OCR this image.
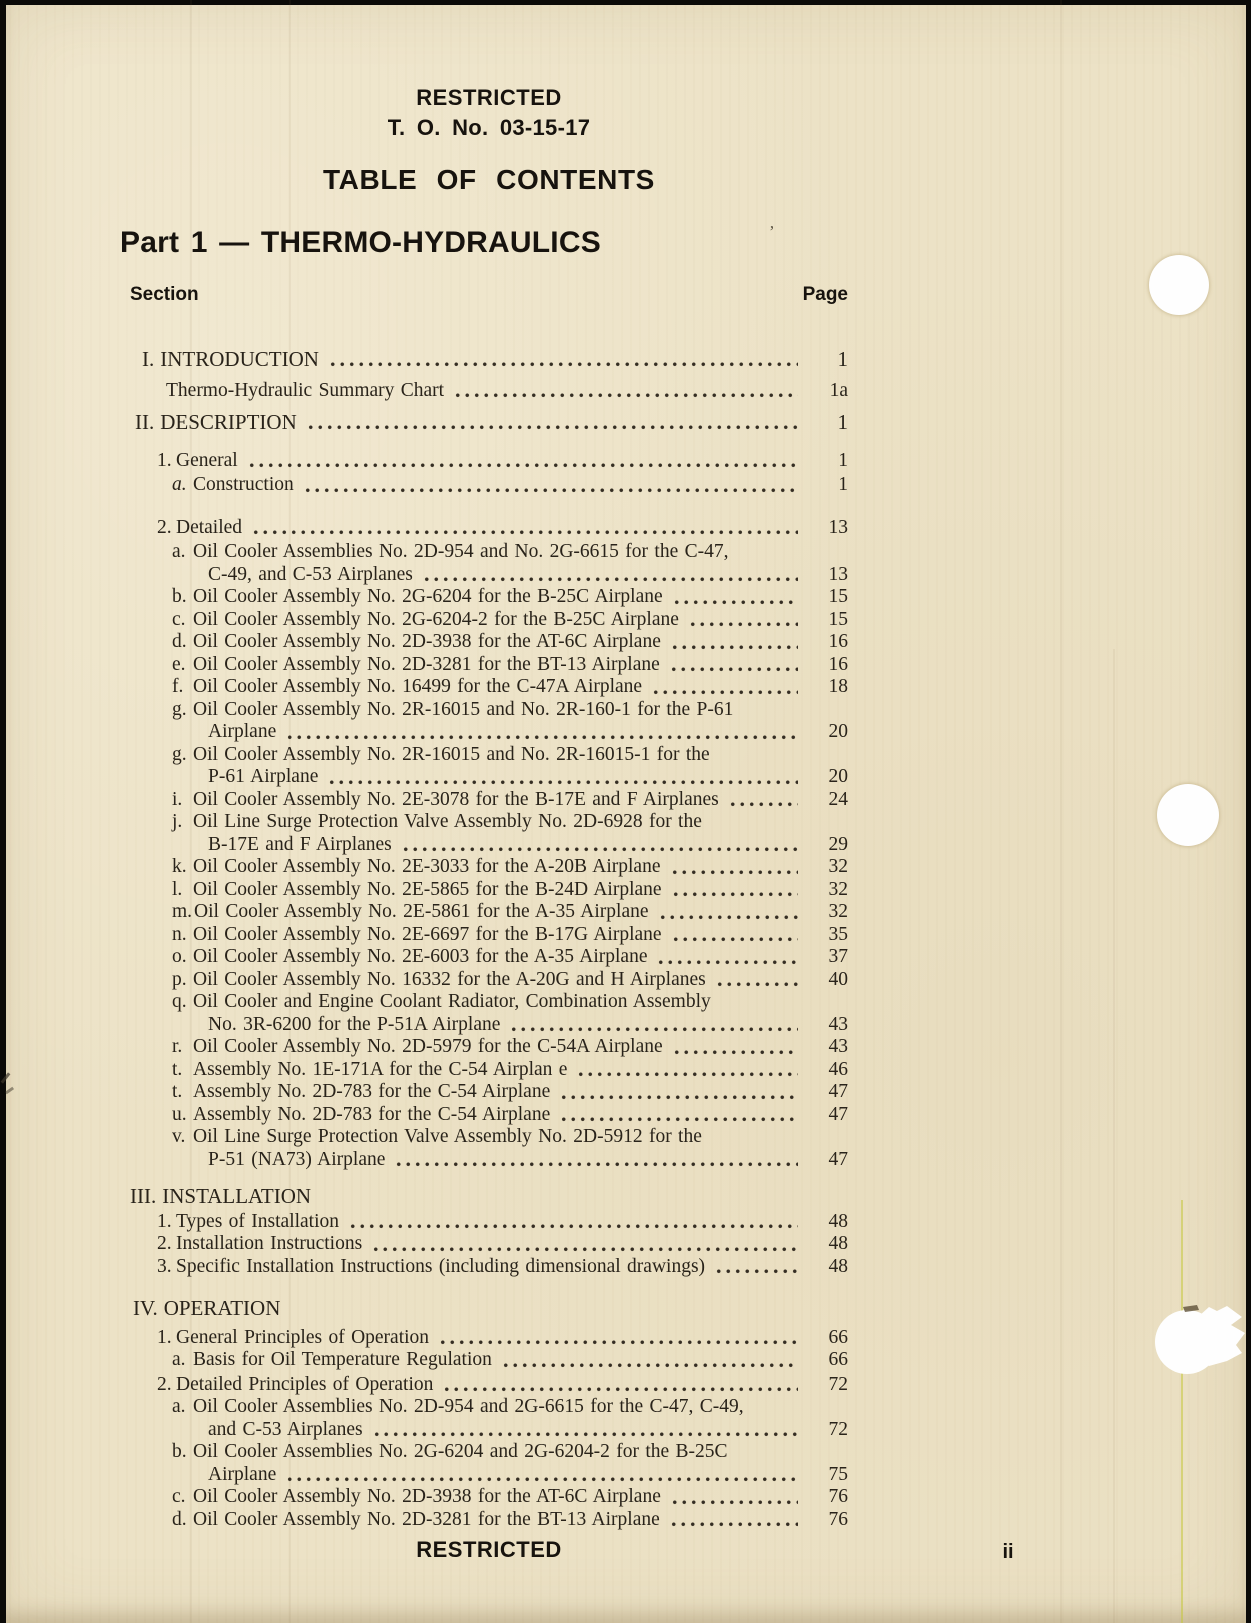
’
RESTRICTED
T. O. No. 03-15-17
TABLE OF CONTENTS
Part 1 — THERMO-HYDRAULICS
Section	Page
I. INTRODUCTION	1
Thermo-Hydraulic Summary Chart	1a
II. DESCRIPTION	1
1. General	1
a. Construction	1
2. Detailed	13
a. Oil Cooler Assemblies No. 2D-954 and No. 2G-6615 for the C-47,
C-49, and C-53 Airplanes	13
b. Oil Cooler Assembly No. 2G-6204 for the B-25C Airplane	15
c. Oil Cooler Assembly No. 2G-6204-2 for the B-25C Airplane	15
d. Oil Cooler Assembly No. 2D-3938 for the AT-6C Airplane	16
e. Oil Cooler Assembly No. 2D-3281 for the BT-13 Airplane	16
f. Oil Cooler Assembly No. 16499 for the C-47A Airplane	18
g. Oil Cooler Assembly No. 2R-16015 and No. 2R-160-1 for the P-61
Airplane	20
g. Oil Cooler Assembly No. 2R-16015 and No. 2R-16015-1 for the
P-61 Airplane	20
i. Oil Cooler Assembly No. 2E-3078 for the B-17E and F Airplanes	24
j. Oil Line Surge Protection Valve Assembly No. 2D-6928 for the
B-17E and F Airplanes	29
k. Oil Cooler Assembly No. 2E-3033 for the A-20B Airplane	32
l. Oil Cooler Assembly No. 2E-5865 for the B-24D Airplane	32
m. Oil Cooler Assembly No. 2E-5861 for the A-35 Airplane	32
n. Oil Cooler Assembly No. 2E-6697 for the B-17G Airplane	35
o. Oil Cooler Assembly No. 2E-6003 for the A-35 Airplane	37
p. Oil Cooler Assembly No. 16332 for the A-20G and H Airplanes	40
q. Oil Cooler and Engine Coolant Radiator, Combination Assembly
No. 3R-6200 for the P-51A Airplane	43
r. Oil Cooler Assembly No. 2D-5979 for the C-54A Airplane	43
t. Assembly No. 1E-171A for the C-54 Airplan e	46
t. Assembly No. 2D-783 for the C-54 Airplane	47
u. Assembly No. 2D-783 for the C-54 Airplane	47
v. Oil Line Surge Protection Valve Assembly No. 2D-5912 for the
P-51 (NA73) Airplane	47
III. INSTALLATION
1. Types of Installation	48
2. Installation Instructions	48
3. Specific Installation Instructions (including dimensional drawings)	48
IV. OPERATION
1. General Principles of Operation	66
a. Basis for Oil Temperature Regulation	66
2. Detailed Principles of Operation	72
a. Oil Cooler Assemblies No. 2D-954 and 2G-6615 for the C-47, C-49,
and C-53 Airplanes	72
b. Oil Cooler Assemblies No. 2G-6204 and 2G-6204-2 for the B-25C
Airplane	75
c. Oil Cooler Assembly No. 2D-3938 for the AT-6C Airplane	76
d. Oil Cooler Assembly No. 2D-3281 for the BT-13 Airplane	76
RESTRICTED	ii
